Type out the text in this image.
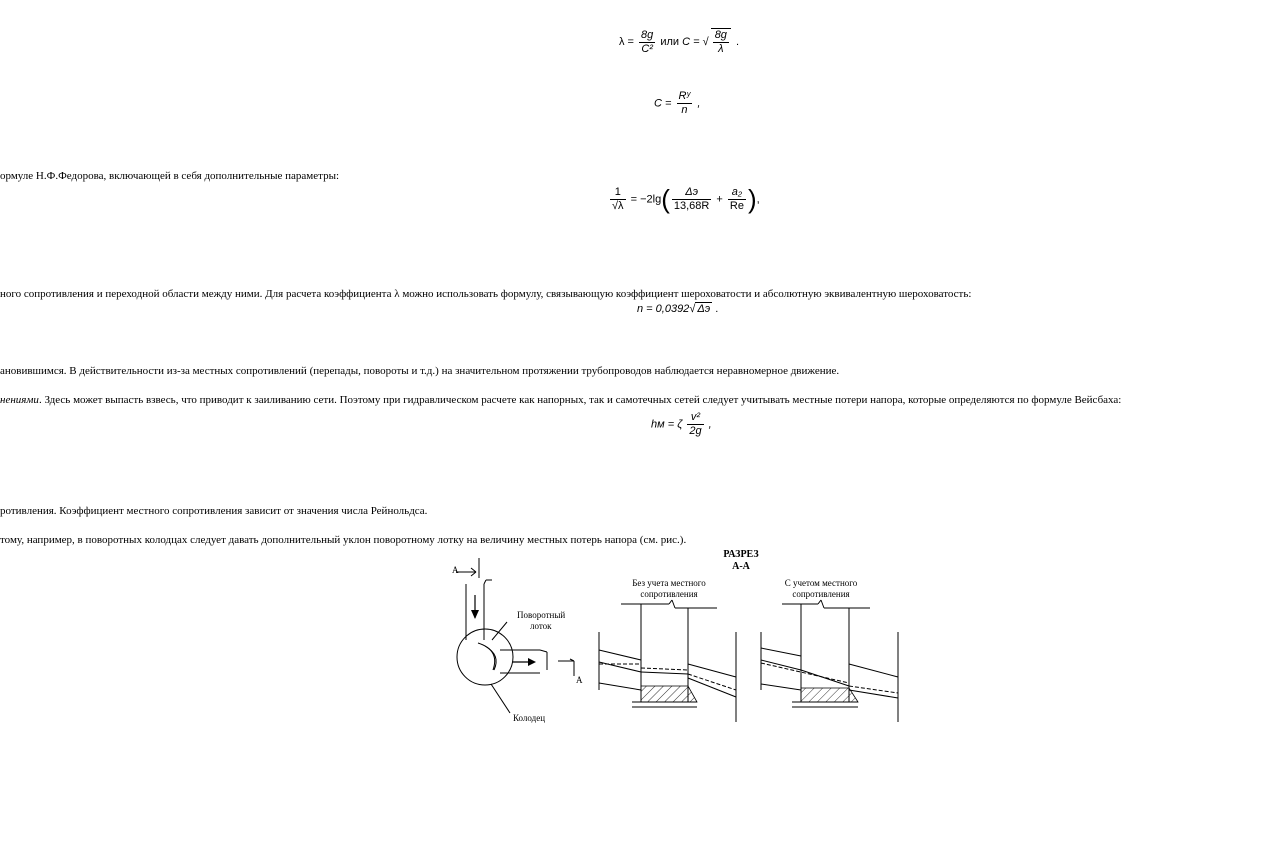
$\lambda = \frac{8g}{\text{C²}}$ или C = √ $\frac{8g}{\lambda}$ .
$C = \frac{\text{Rʸ}}{n}$ ,
ормуле Н.Ф.Федорова, включающей в себя дополнительные параметры:
$\frac{1}{√\lambda} = -2\lg( \frac{\Delta э}{13,68R} + \frac{\text{a₂}}{Re}$ ),
ного сопротивления и переходной области между ними. Для расчета коэффициента λ можно использовать формулу, связывающую коэффициент шероховатости и абсолютную эквивалентную шероховатость:
n = 0,0392√ Δэ .
ановившимся. В действительности из-за местных сопротивлений (перепады, повороты и т.д.) на значительном протяжении трубопроводов наблюдается неравномерное движение.
нениями. Здесь может выпасть взвесь, что приводит к заиливанию сети. Поэтому при гидравлическом расчете как напорных, так и самотечных сетей следует учитывать местные потери напора, которые определяются по формуле Вейсбаха:
hм = ζ $\frac{\text{v²}}{2g}$ ,
ротивления. Коэффициент местного сопротивления зависит от значения числа Рейнольдса.
тому, например, в поворотных колодцах следует давать дополнительный уклон поворотному лотку на величину местных потерь напора (см. рис.).
РАЗРЕЗ
А-А
А
А
Поворотный
лоток
Колодец
Без учета местного
сопротивления
С учетом местного
сопротивления
